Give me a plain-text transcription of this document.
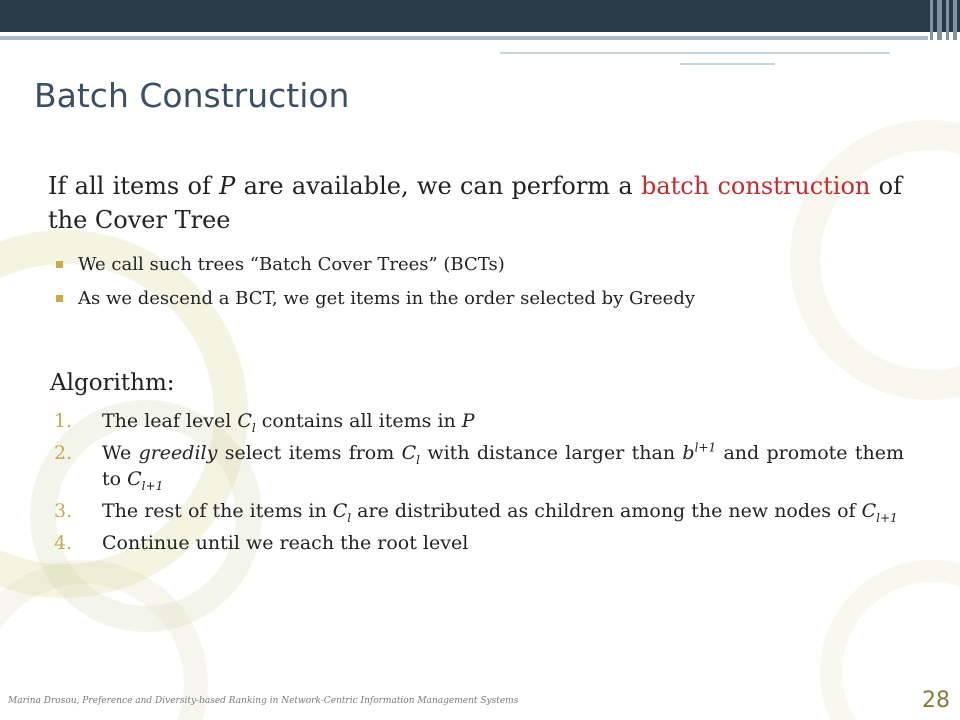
Batch Construction

If all items of P are available, we can perform a batch construction of the Cover Tree

We call such trees “Batch Cover Trees” (BCTs)
As we descend a BCT, we get items in the order selected by Greedy

Algorithm:

1. The leaf level $C_l$ contains all items in P
2. We greedily select items from $C_l$ with distance larger than $b^{l+1}$ and promote them to $C_{l+1}$
3. The rest of the items in $C_l$ are distributed as children among the new nodes of $C_{l+1}$
4. Continue until we reach the root level
Marina Drosou, Preference and Diversity-based Ranking in Network-Centric Information Management Systems	28
